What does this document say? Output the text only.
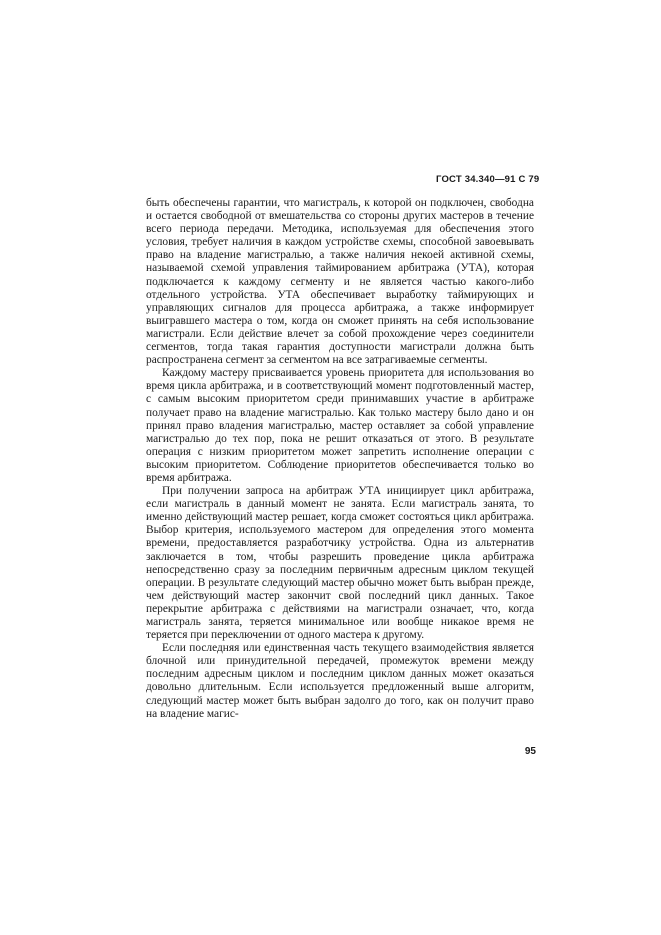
ГОСТ 34.340—91 С 79

быть обеспечены гарантии, что магистраль, к которой он подключен, свободна и остается свободной от вмешательства со стороны других мастеров в течение всего периода передачи. Методика, используемая для обеспечения этого условия, требует наличия в каждом устройстве схемы, способной завоевывать право на владение магистралью, а также наличия некоей активной схемы, называемой схемой управления таймированием арбитража (УТА), которая подключается к каждому сегменту и не является частью какого-либо отдельного устройства. УТА обеспечивает выработку таймирующих и управляющих сигналов для процесса арбитража, а также информирует выигравшего мастера о том, когда он сможет принять на себя использование магистрали. Если действие влечет за собой прохождение через соединители сегментов, тогда такая гарантия доступности магистрали должна быть распространена сегмент за сегментом на все затрагиваемые сегменты.

Каждому мастеру присваивается уровень приоритета для использования во время цикла арбитража, и в соответствующий момент подготовленный мастер, с самым высоким приоритетом среди принимавших участие в арбитраже получает право на владение магистралью. Как только мастеру было дано и он принял право владения магистралью, мастер оставляет за собой управление магистралью до тех пор, пока не решит отказаться от этого. В результате операция с низким приоритетом может запретить исполнение операции с высоким приоритетом. Соблюдение приоритетов обеспечивается только во время арбитража.

При получении запроса на арбитраж УТА инициирует цикл арбитража, если магистраль в данный момент не занята. Если магистраль занята, то именно действующий мастер решает, когда сможет состояться цикл арбитража. Выбор критерия, используемого мастером для определения этого момента времени, предоставляется разработчику устройства. Одна из альтернатив заключается в том, чтобы разрешить проведение цикла арбитража непосредственно сразу за последним первичным адресным циклом текущей операции. В результате следующий мастер обычно может быть выбран прежде, чем действующий мастер закончит свой последний цикл данных. Такое перекрытие арбитража с действиями на магистрали означает, что, когда магистраль занята, теряется минимальное или вообще никакое время не теряется при переключении от одного мастера к другому.

Если последняя или единственная часть текущего взаимодействия является блочной или принудительной передачей, промежуток времени между последним адресным циклом и последним циклом данных может оказаться довольно длительным. Если используется предложенный выше алгоритм, следующий мастер может быть выбран задолго до того, как он получит право на владение магис-

95
